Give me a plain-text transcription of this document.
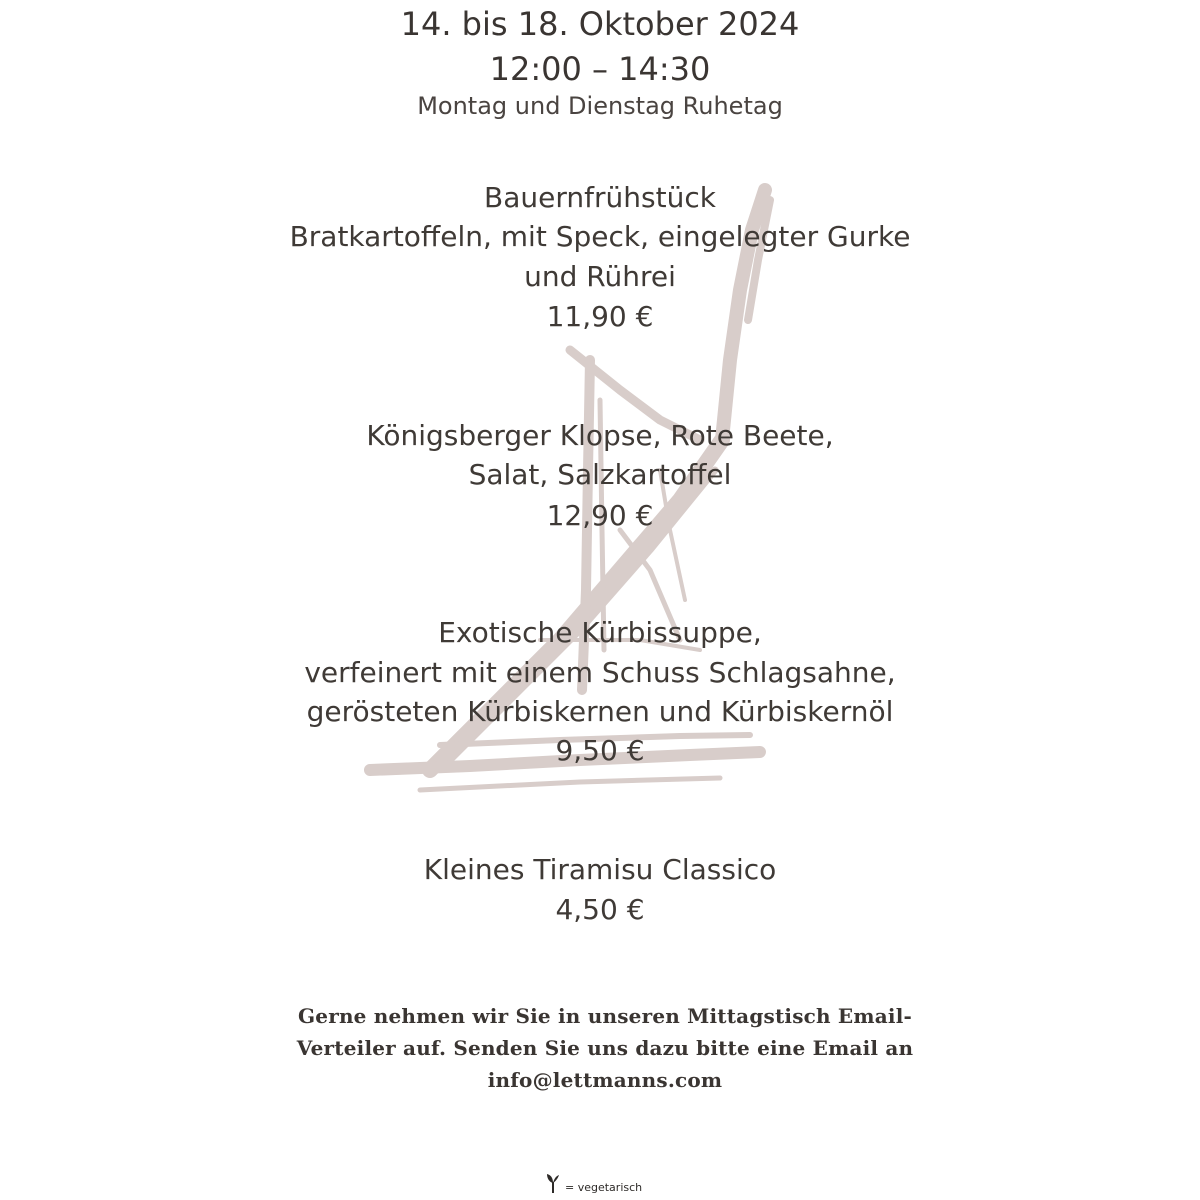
14. bis 18. Oktober 2024
12:00 – 14:30
Montag und Dienstag Ruhetag
Bauernfrühstück
Bratkartoffeln, mit Speck, eingelegter Gurke
und Rührei
11,90 €
Königsberger Klopse, Rote Beete,
Salat, Salzkartoffel
12,90 €
Exotische Kürbissuppe,
verfeinert mit einem Schuss Schlagsahne,
gerösteten Kürbiskernen und Kürbiskernöl
9,50 €
Kleines Tiramisu Classico
4,50 €
Gerne nehmen wir Sie in unseren Mittagstisch Email-
Verteiler auf. Senden Sie uns dazu bitte eine Email an
info@lettmanns.com
= vegetarisch
